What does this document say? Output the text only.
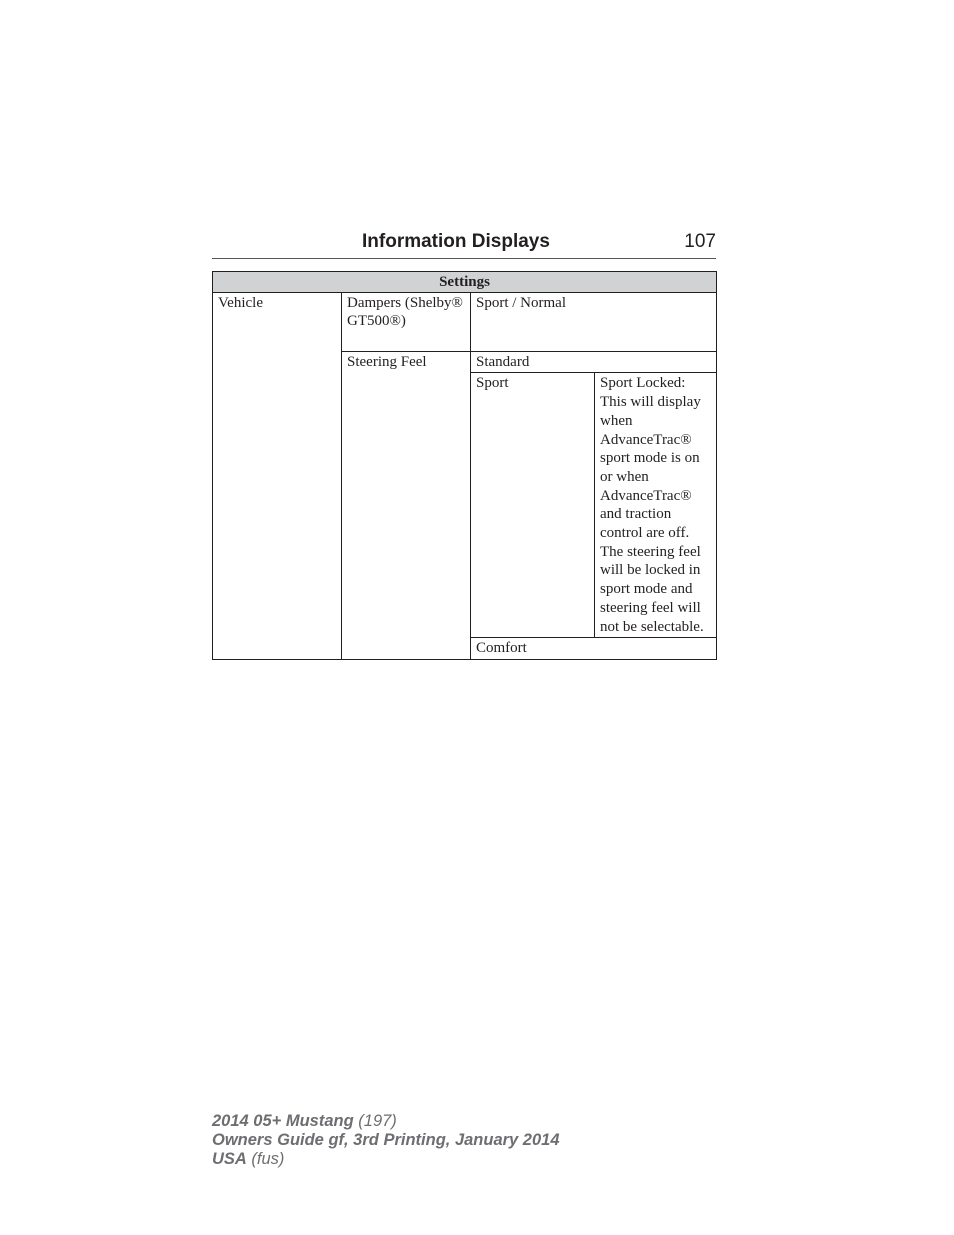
Information Displays	107
Settings			
Vehicle	Dampers (Shelby® GT500®)	Sport / Normal	
	Steering Feel	Standard	
		Sport	Sport Locked: This will display when AdvanceTrac® sport mode is on or when AdvanceTrac® and traction control are off. The steering feel will be locked in sport mode and steering feel will not be selectable.
		Comfort	
2014 05+ Mustang (197)
Owners Guide gf, 3rd Printing, January 2014
USA (fus)
